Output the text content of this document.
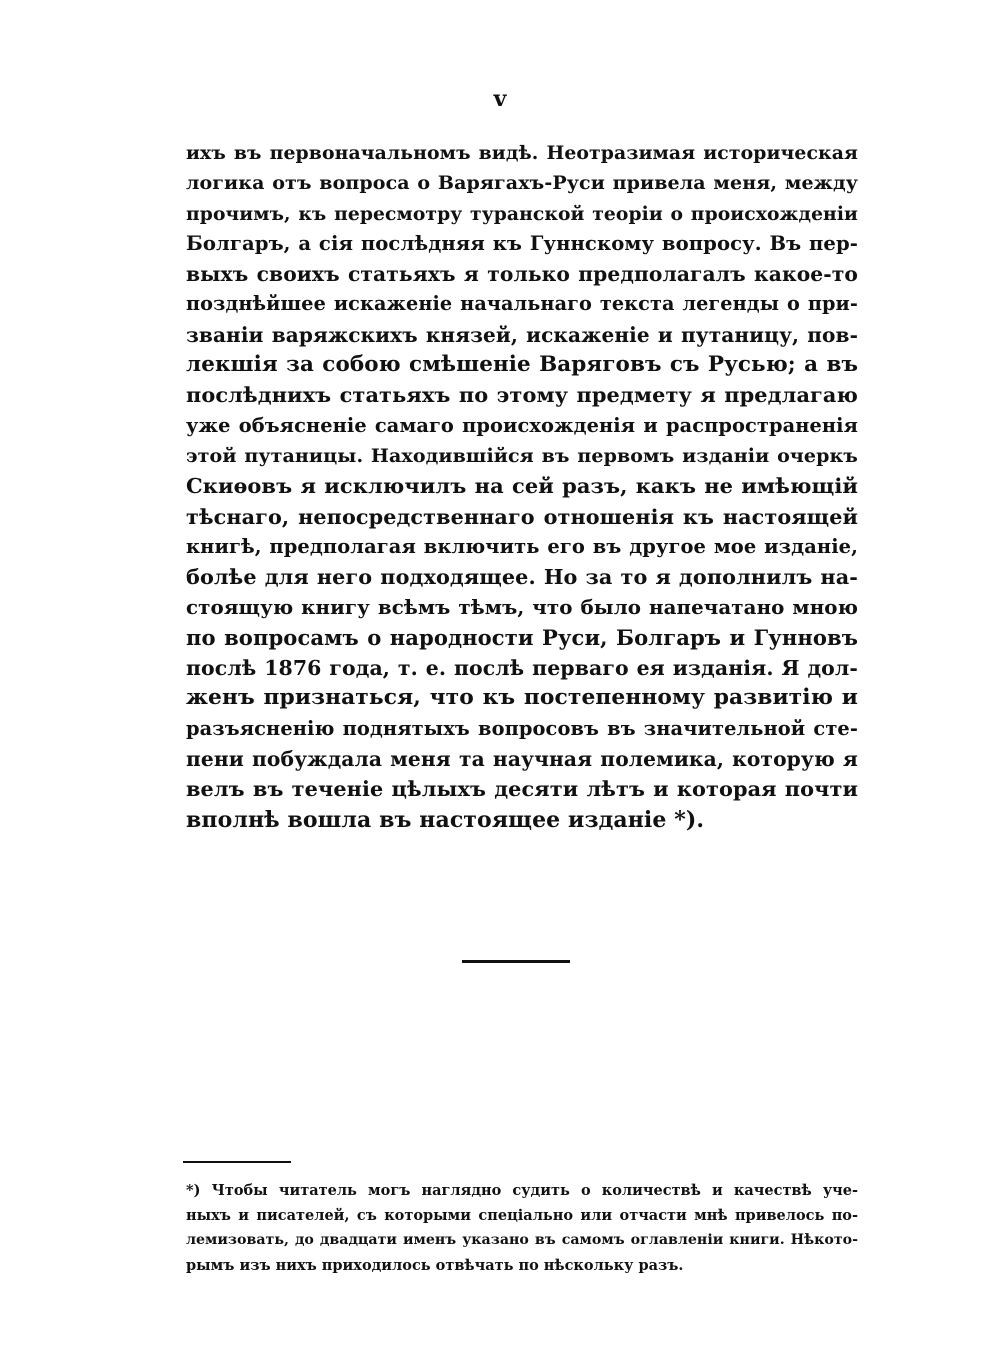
v
ихъ въ первоначальномъ видѣ. Неотразимая историческая
логика отъ вопроса о Варягахъ-Руси привела меня, между
прочимъ, къ пересмотру туранской теоріи о происхожденіи
Болгаръ, а сія послѣдняя къ Гуннскому вопросу. Въ пер-
выхъ своихъ статьяхъ я только предполагалъ какое-то
позднѣйшее искаженіе начальнаго текста легенды о при-
званіи варяжскихъ князей, искаженіе и путаницу, пов-
лекшія за собою смѣшеніе Варяговъ съ Русью; а въ
послѣднихъ статьяхъ по этому предмету я предлагаю
уже объясненіе самаго происхожденія и распространенія
этой путаницы. Находившійся въ первомъ изданіи очеркъ
Скиѳовъ я исключилъ на сей разъ, какъ не имѣющій
тѣснаго, непосредственнаго отношенія къ настоящей
книгѣ, предполагая включить его въ другое мое изданіе,
болѣе для него подходящее. Но за то я дополнилъ на-
стоящую книгу всѣмъ тѣмъ, что было напечатано мною
по вопросамъ о народности Руси, Болгаръ и Гунновъ
послѣ 1876 года, т. е. послѣ перваго ея изданія. Я дол-
женъ признаться, что къ постепенному развитію и
разъясненію поднятыхъ вопросовъ въ значительной сте-
пени побуждала меня та научная полемика, которую я
велъ въ теченіе цѣлыхъ десяти лѣтъ и которая почти
вполнѣ вошла въ настоящее изданіе *).
*) Чтобы читатель могъ наглядно судить о количествѣ и качествѣ уче-
ныхъ и писателей, съ которыми спеціально или отчасти мнѣ привелось по-
лемизовать, до двадцати именъ указано въ самомъ оглавленіи книги. Нѣкото-
рымъ изъ нихъ приходилось отвѣчать по нѣскольку разъ.
